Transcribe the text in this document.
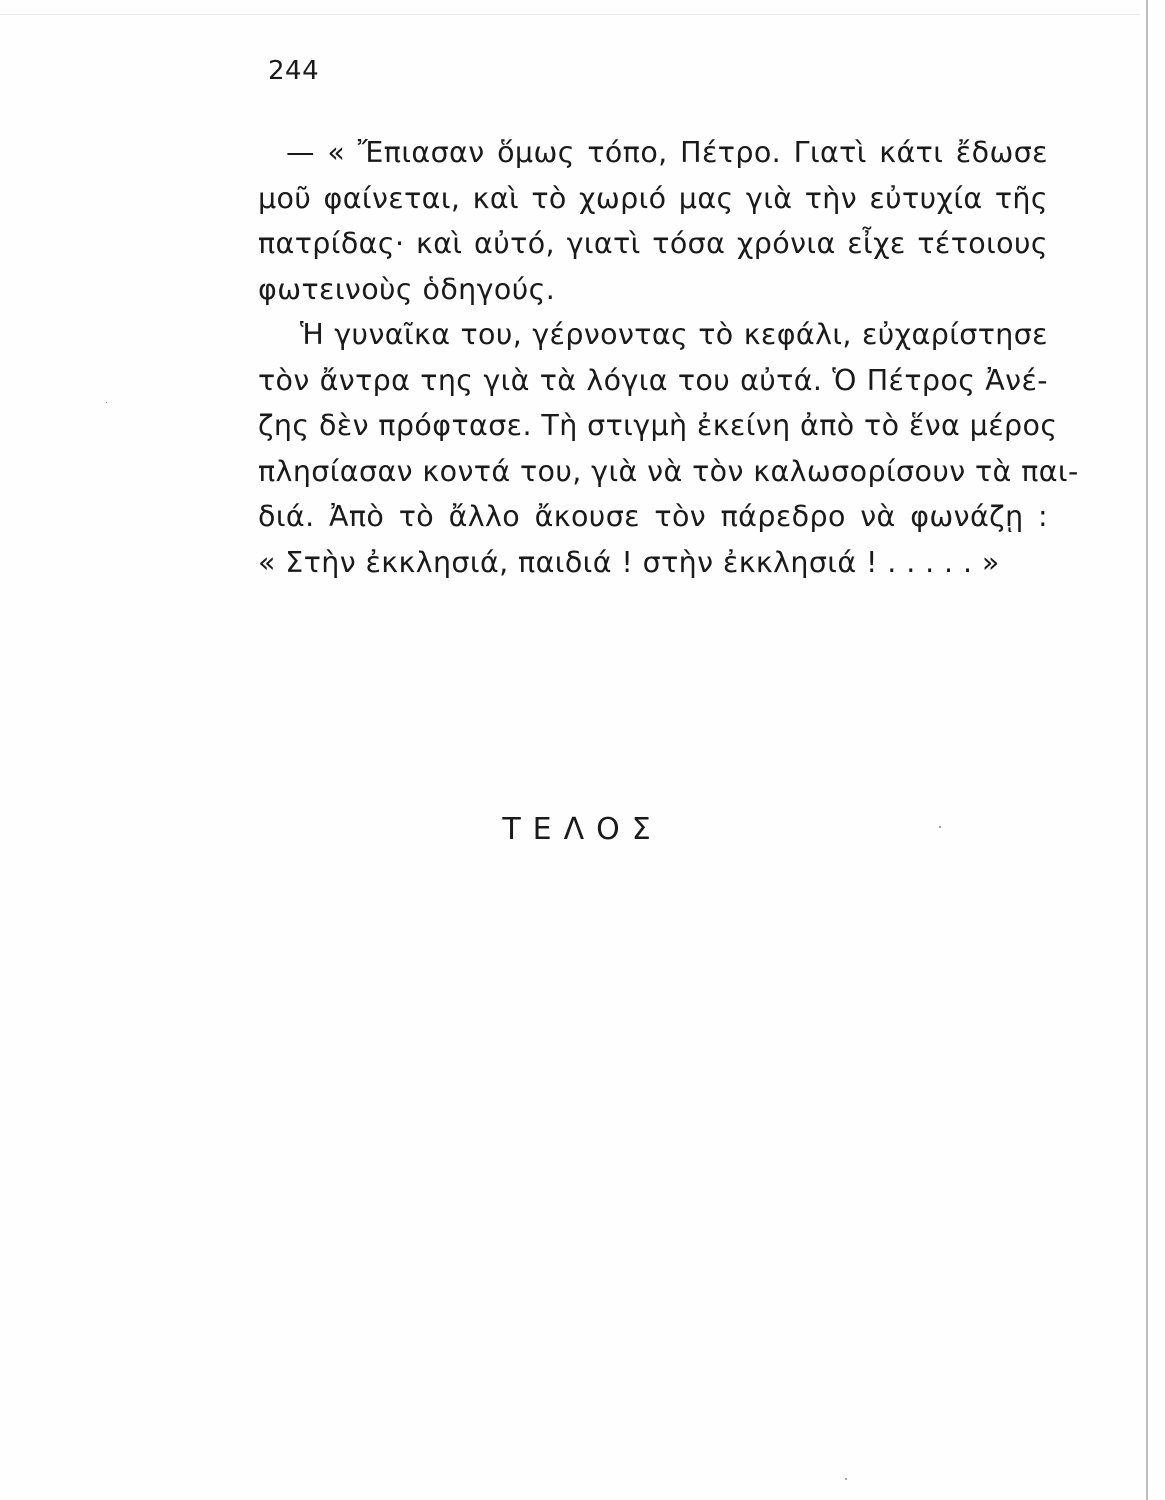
244
— « Ἔπιασαν ὅμως τόπο, Πέτρο. Γιατὶ κάτι ἔδωσε
μοῦ φαίνεται, καὶ τὸ χωριό μας γιὰ τὴν εὐτυχία τῆς
πατρίδας· καὶ αὐτό, γιατὶ τόσα χρόνια εἶχε τέτοιους
φωτεινοὺς ὁδηγούς.
Ἡ γυναῖκα του, γέρνοντας τὸ κεφάλι, εὐχαρίστησε
τὸν ἄντρα της γιὰ τὰ λόγια του αὐτά. Ὁ Πέτρος Ἀνέ-
ζης δὲν πρόφτασε. Τὴ στιγμὴ ἐκείνη ἀπὸ τὸ ἕνα μέρος
πλησίασαν κοντά του, γιὰ νὰ τὸν καλωσορίσουν τὰ παι-
διά. Ἀπὸ τὸ ἄλλο ἄκουσε τὸν πάρεδρο νὰ φωνάζῃ :
« Στὴν ἐκκλησιά, παιδιά ! στὴν ἐκκλησιά ! . . . . . »
ΤΕΛΟΣ
